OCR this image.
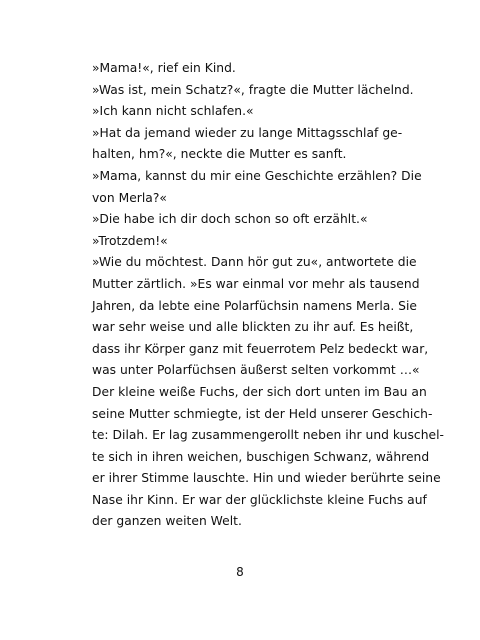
»Mama!«, rief ein Kind.
»Was ist, mein Schatz?«, fragte die Mutter lächelnd.
»Ich kann nicht schlafen.«
»Hat da jemand wieder zu lange Mittagsschlaf ge-
halten, hm?«, neckte die Mutter es sanft.
»Mama, kannst du mir eine Geschichte erzählen? Die
von Merla?«
»Die habe ich dir doch schon so oft erzählt.«
»Trotzdem!«
»Wie du möchtest. Dann hör gut zu«, antwortete die
Mutter zärtlich. »Es war einmal vor mehr als tausend
Jahren, da lebte eine Polarfüchsin namens Merla. Sie
war sehr weise und alle blickten zu ihr auf. Es heißt,
dass ihr Körper ganz mit feuerrotem Pelz bedeckt war,
was unter Polarfüchsen äußerst selten vorkommt …«
Der kleine weiße Fuchs, der sich dort unten im Bau an
seine Mutter schmiegte, ist der Held unserer Geschich-
te: Dilah. Er lag zusammengerollt neben ihr und kuschel-
te sich in ihren weichen, buschigen Schwanz, während
er ihrer Stimme lauschte. Hin und wieder berührte seine
Nase ihr Kinn. Er war der glücklichste kleine Fuchs auf
der ganzen weiten Welt.
8
